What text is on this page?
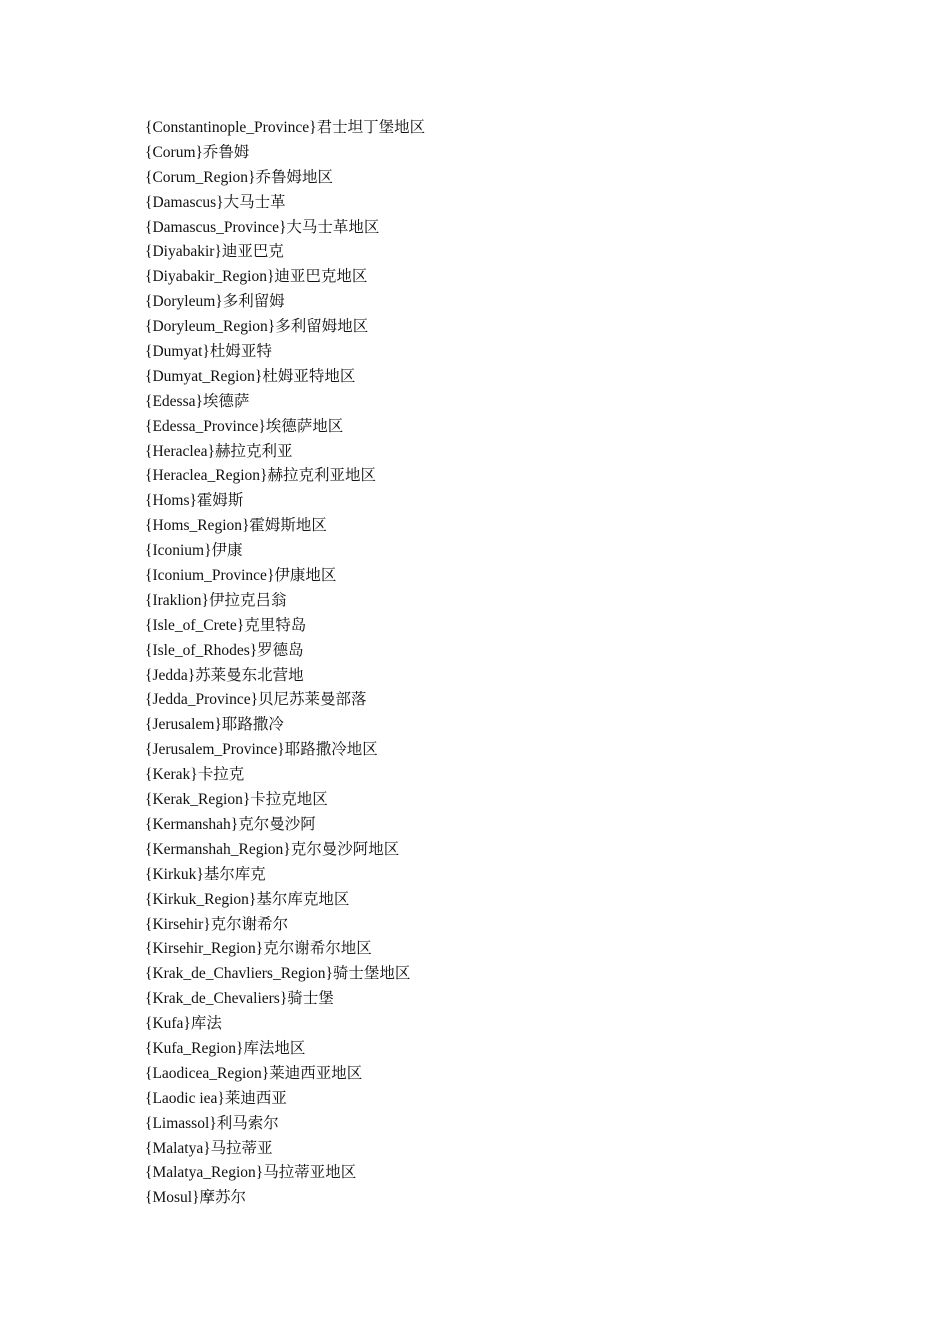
{Constantinople_Province}君士坦丁堡地区
{Corum}乔鲁姆
{Corum_Region}乔鲁姆地区
{Damascus}大马士革
{Damascus_Province}大马士革地区
{Diyabakir}迪亚巴克
{Diyabakir_Region}迪亚巴克地区
{Doryleum}多利留姆
{Doryleum_Region}多利留姆地区
{Dumyat}杜姆亚特
{Dumyat_Region}杜姆亚特地区
{Edessa}埃德萨
{Edessa_Province}埃德萨地区
{Heraclea}赫拉克利亚
{Heraclea_Region}赫拉克利亚地区
{Homs}霍姆斯
{Homs_Region}霍姆斯地区
{Iconium}伊康
{Iconium_Province}伊康地区
{Iraklion}伊拉克吕翁
{Isle_of_Crete}克里特岛
{Isle_of_Rhodes}罗德岛
{Jedda}苏莱曼东北营地
{Jedda_Province}贝尼苏莱曼部落
{Jerusalem}耶路撒冷
{Jerusalem_Province}耶路撒冷地区
{Kerak}卡拉克
{Kerak_Region}卡拉克地区
{Kermanshah}克尔曼沙阿
{Kermanshah_Region}克尔曼沙阿地区
{Kirkuk}基尔库克
{Kirkuk_Region}基尔库克地区
{Kirsehir}克尔谢希尔
{Kirsehir_Region}克尔谢希尔地区
{Krak_de_Chavliers_Region}骑士堡地区
{Krak_de_Chevaliers}骑士堡
{Kufa}库法
{Kufa_Region}库法地区
{Laodicea_Region}莱迪西亚地区
{Laodic iea}莱迪西亚
{Limassol}利马索尔
{Malatya}马拉蒂亚
{Malatya_Region}马拉蒂亚地区
{Mosul}摩苏尔
